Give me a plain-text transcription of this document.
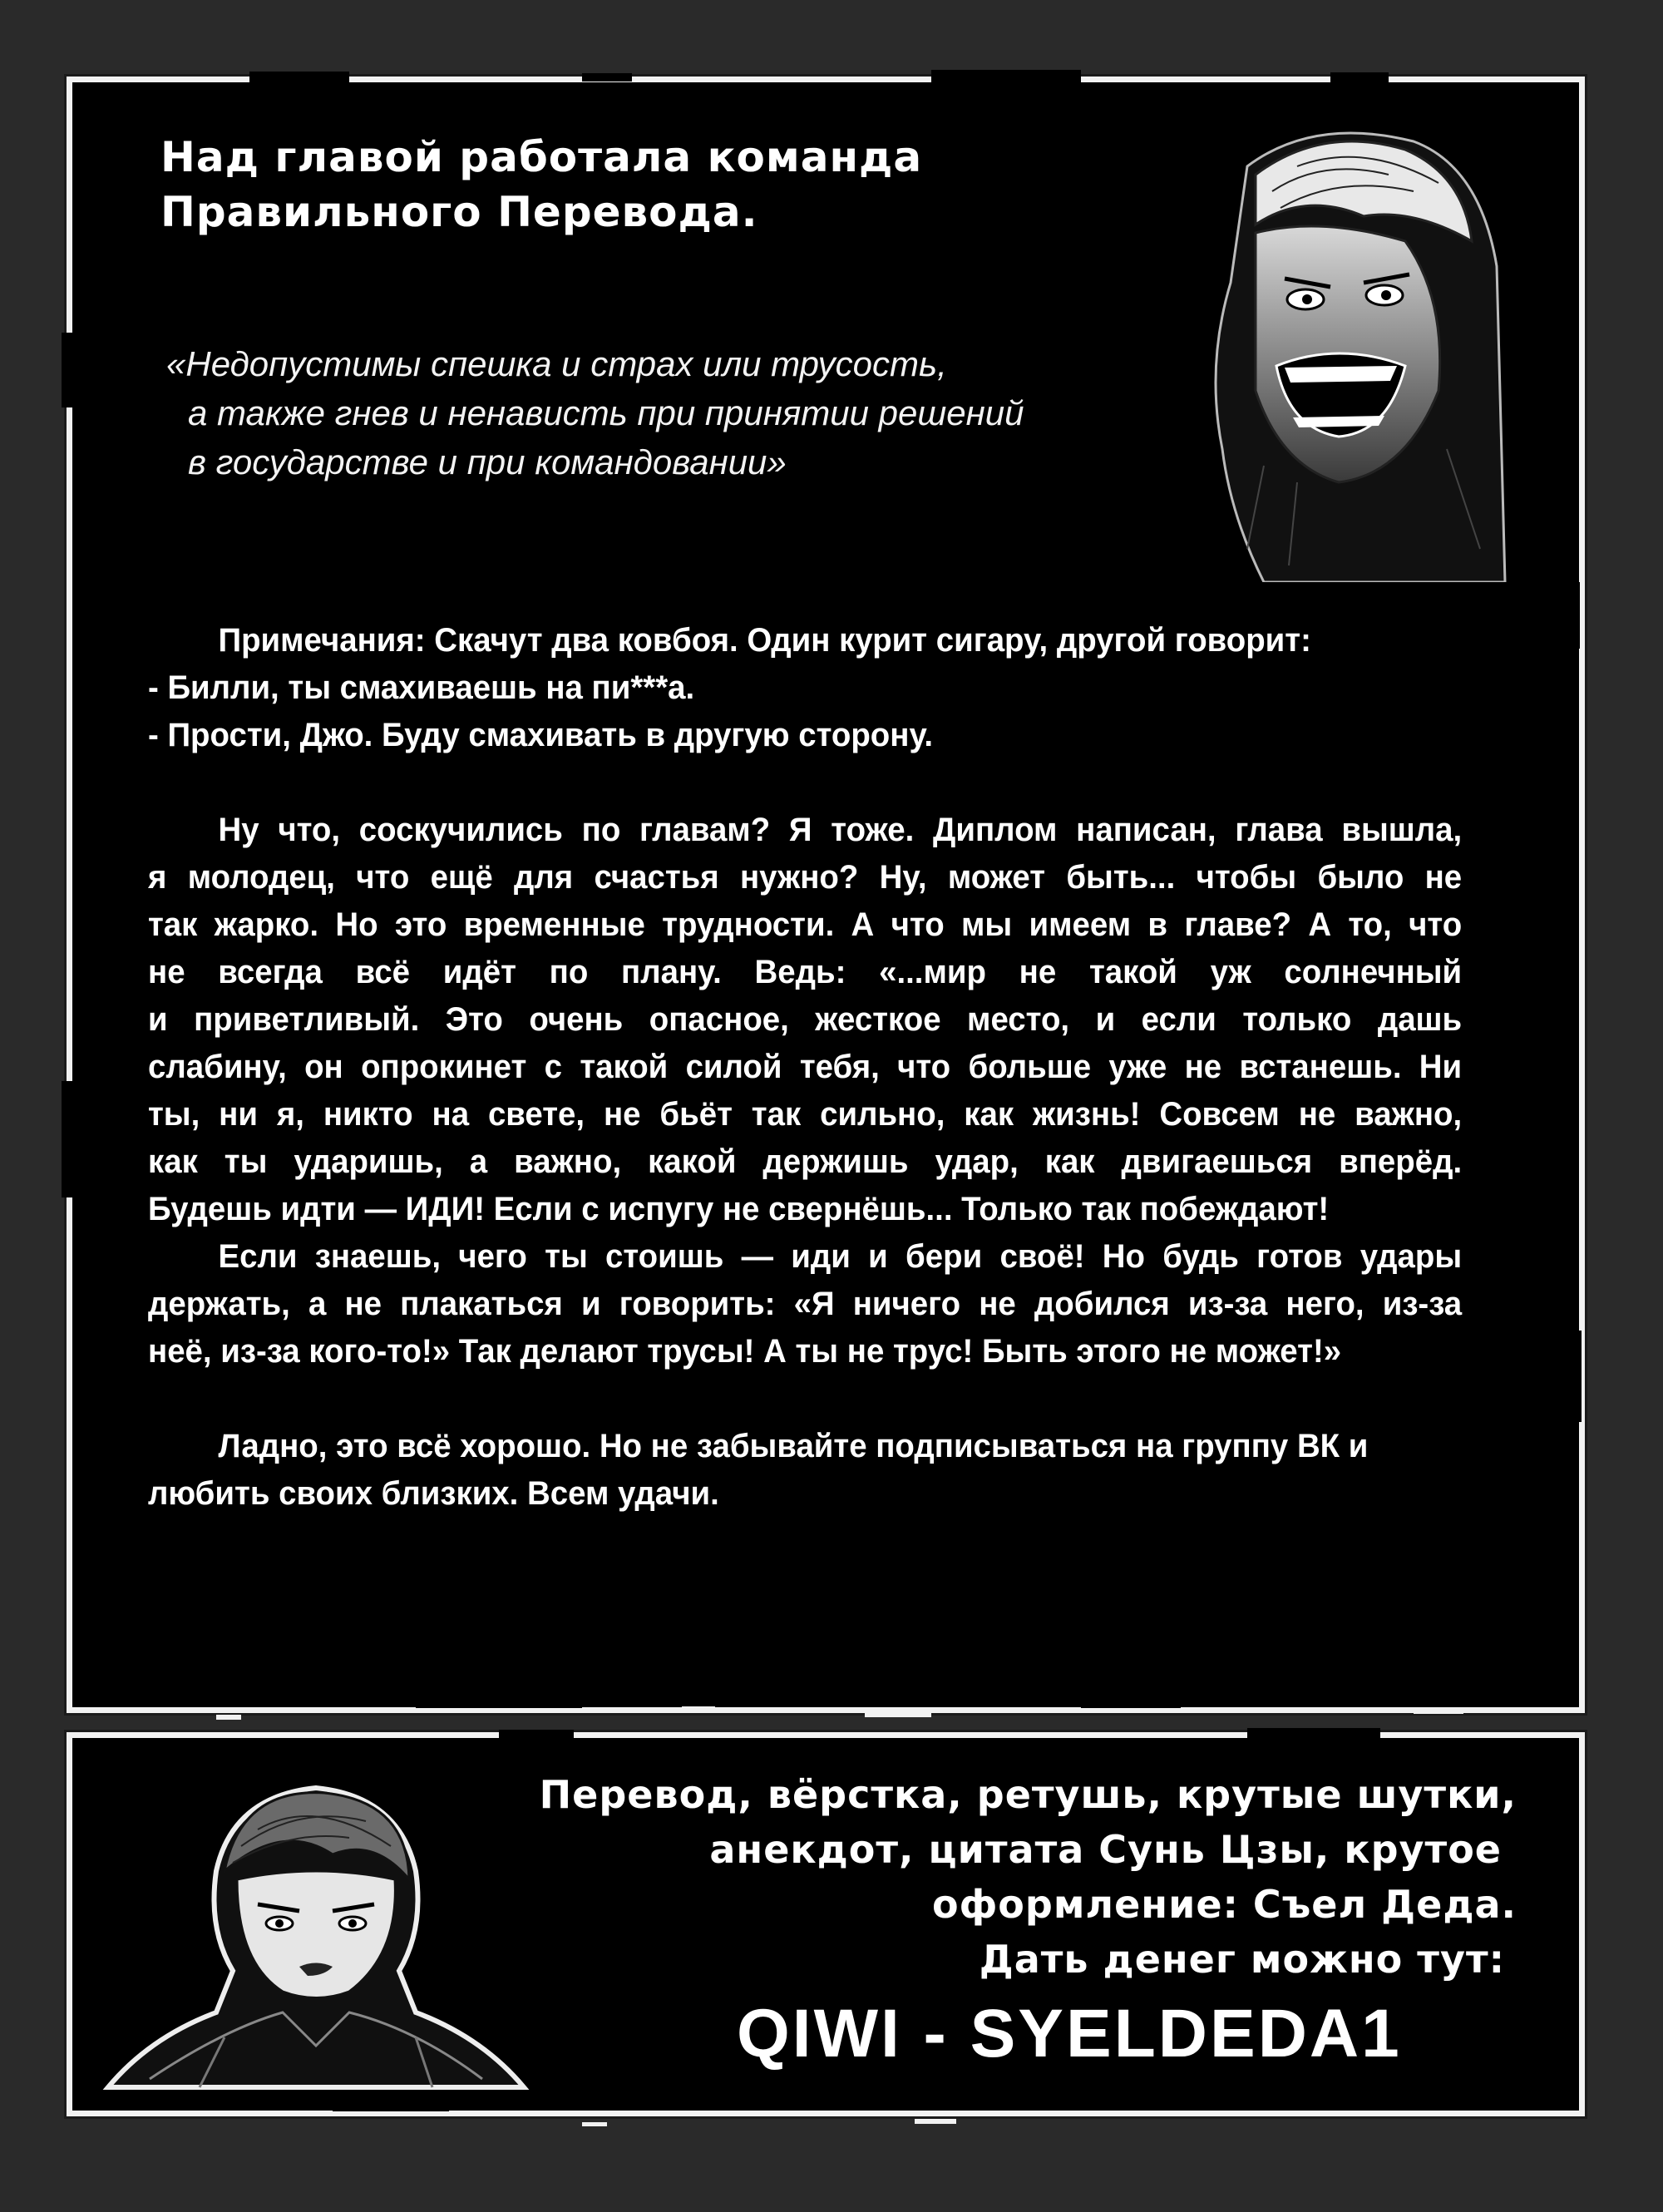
Над главой работала команда
Правильного Перевода.
«Недопустимы спешка и страх или трусость,
а также гнев и ненависть при принятии решений
в государстве и при командовании»

Примечания: Скачут два ковбоя. Один курит сигару, другой говорит:

- Билли, ты смахиваешь на пи***а.

- Прости, Джо. Буду смахивать в другую сторону.

Ну что, соскучились по главам? Я тоже. Диплом написан, глава вышла,

я молодец, что ещё для счастья нужно? Ну, может быть... чтобы было не

так жарко. Но это временные трудности. А что мы имеем в главе? А то, что

не всегда всё идёт по плану. Ведь: «...мир не такой уж солнечный

и приветливый. Это очень опасное, жесткое место, и если только дашь

слабину, он опрокинет с такой силой тебя, что больше уже не встанешь. Ни

ты, ни я, никто на свете, не бьёт так сильно, как жизнь! Совсем не важно,

как ты ударишь, а важно, какой держишь удар, как двигаешься вперёд.

Будешь идти — ИДИ! Если с испугу не свернёшь... Только так побеждают!

Если знаешь, чего ты стоишь — иди и бери своё! Но будь готов удары

держать, а не плакаться и говорить: «Я ничего не добился из-за него, из-за

неё, из-за кого-то!» Так делают трусы! А ты не трус! Быть этого не может!»

Ладно, это всё хорошо. Но не забывайте подписываться на группу ВК и

любить своих близких. Всем удачи.

Перевод, вёрстка, ретушь, крутые шутки,
анекдот, цитата Сунь Цзы, крутое
оформление: Съел Деда.
Дать денег можно тут:
QIWI - SYELDEDA1
